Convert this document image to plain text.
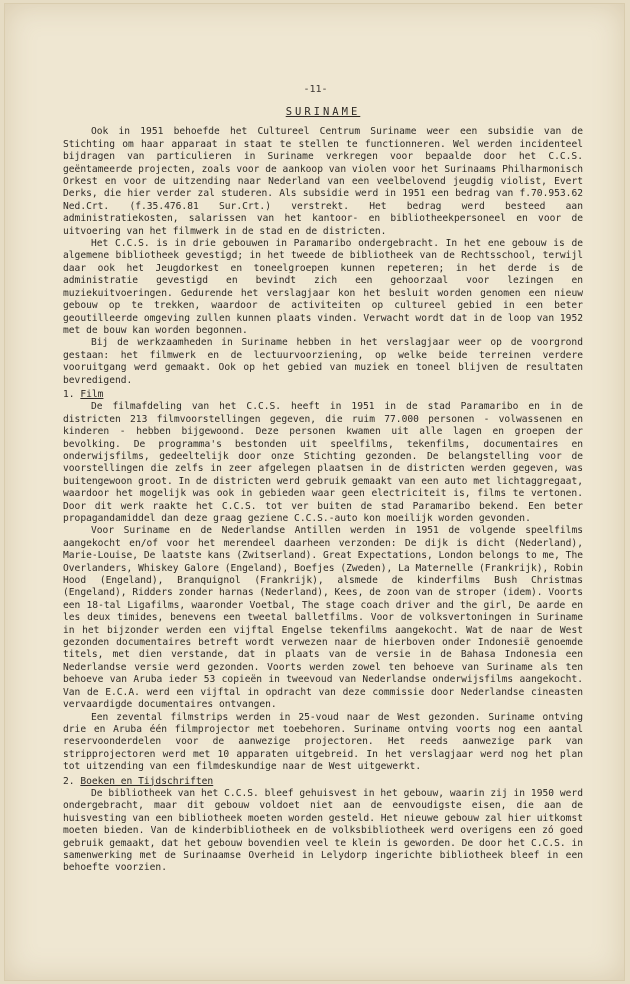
-11-
SURINAME

Ook in 1951 behoefde het Cultureel Centrum Suriname weer een subsidie van de Stichting om haar apparaat in staat te stellen te functionneren. Wel werden incidenteel bijdragen van particulieren in Suriname verkregen voor bepaalde door het C.C.S. geëntameerde projecten, zoals voor de aankoop van violen voor het Surinaams Philharmonisch Orkest en voor de uitzending naar Nederland van een veelbelovend jeugdig violist, Evert Derks, die hier verder zal studeren. Als subsidie werd in 1951 een bedrag van f.70.953.62 Ned.Crt. (f.35.476.81 Sur.Crt.) verstrekt. Het bedrag werd besteed aan administratiekosten, salarissen van het kantoor- en bibliotheekpersoneel en voor de uitvoering van het filmwerk in de stad en de districten.

Het C.C.S. is in drie gebouwen in Paramaribo ondergebracht. In het ene gebouw is de algemene bibliotheek gevestigd; in het tweede de bibliotheek van de Rechtsschool, terwijl daar ook het Jeugdorkest en toneelgroepen kunnen repeteren; in het derde is de administratie gevestigd en bevindt zich een gehoorzaal voor lezingen en muziekuitvoeringen. Gedurende het verslagjaar kon het besluit worden genomen een nieuw gebouw op te trekken, waardoor de activiteiten op cultureel gebied in een beter geoutilleerde omgeving zullen kunnen plaats vinden. Verwacht wordt dat in de loop van 1952 met de bouw kan worden begonnen.

Bij de werkzaamheden in Suriname hebben in het verslagjaar weer op de voorgrond gestaan: het filmwerk en de lectuurvoorziening, op welke beide terreinen verdere vooruitgang werd gemaakt. Ook op het gebied van muziek en toneel blijven de resultaten bevredigend.

1. Film

De filmafdeling van het C.C.S. heeft in 1951 in de stad Paramaribo en in de districten 213 filmvoorstellingen gegeven, die ruim 77.000 personen - volwassenen en kinderen - hebben bijgewoond. Deze personen kwamen uit alle lagen en groepen der bevolking. De programma's bestonden uit speelfilms, tekenfilms, documentaires en onderwijsfilms, gedeeltelijk door onze Stichting gezonden. De belangstelling voor de voorstellingen die zelfs in zeer afgelegen plaatsen in de districten werden gegeven, was buitengewoon groot. In de districten werd gebruik gemaakt van een auto met lichtaggregaat, waardoor het mogelijk was ook in gebieden waar geen electriciteit is, films te vertonen. Door dit werk raakte het C.C.S. tot ver buiten de stad Paramaribo bekend. Een beter propagandamiddel dan deze graag geziene C.C.S.-auto kon moeilijk worden gevonden.

Voor Suriname en de Nederlandse Antillen werden in 1951 de volgende speelfilms aangekocht en/of voor het merendeel daarheen verzonden: De dijk is dicht (Nederland), Marie-Louise, De laatste kans (Zwitserland). Great Expectations, London belongs to me, The Overlanders, Whiskey Galore (Engeland), Boefjes (Zweden), La Maternelle (Frankrijk), Robin Hood (Engeland), Branquignol (Frankrijk), alsmede de kinderfilms Bush Christmas (Engeland), Ridders zonder harnas (Nederland), Kees, de zoon van de stroper (idem). Voorts een 18-tal Ligafilms, waaronder Voetbal, The stage coach driver and the girl, De aarde en les deux timides, benevens een tweetal balletfilms. Voor de volksvertoningen in Suriname in het bijzonder werden een vijftal Engelse tekenfilms aangekocht. Wat de naar de West gezonden documentaires betreft wordt verwezen naar de hierboven onder Indonesië genoemde titels, met dien verstande, dat in plaats van de versie in de Bahasa Indonesia een Nederlandse versie werd gezonden. Voorts werden zowel ten behoeve van Suriname als ten behoeve van Aruba ieder 53 copieën in tweevoud van Nederlandse onderwijsfilms aangekocht. Van de E.C.A. werd een vijftal in opdracht van deze commissie door Nederlandse cineasten vervaardigde documentaires ontvangen.

Een zevental filmstrips werden in 25-voud naar de West gezonden. Suriname ontving drie en Aruba één filmprojector met toebehoren. Suriname ontving voorts nog een aantal reservoonderdelen voor de aanwezige projectoren. Het reeds aanwezige park van stripprojectoren werd met 10 apparaten uitgebreid. In het verslagjaar werd nog het plan tot uitzending van een filmdeskundige naar de West uitgewerkt.

2. Boeken en Tijdschriften

De bibliotheek van het C.C.S. bleef gehuisvest in het gebouw, waarin zij in 1950 werd ondergebracht, maar dit gebouw voldoet niet aan de eenvoudigste eisen, die aan de huisvesting van een bibliotheek moeten worden gesteld. Het nieuwe gebouw zal hier uitkomst moeten bieden. Van de kinderbibliotheek en de volksbibliotheek werd overigens een zó goed gebruik gemaakt, dat het gebouw bovendien veel te klein is geworden. De door het C.C.S. in samenwerking met de Surinaamse Overheid in Lelydorp ingerichte bibliotheek bleef in een behoefte voorzien.
